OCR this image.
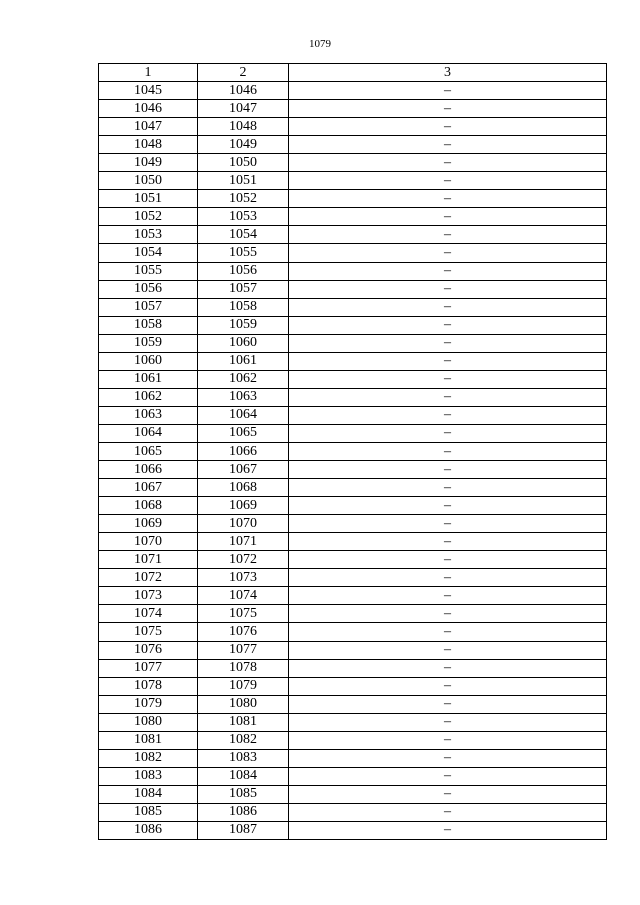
1079
1	2	3
1045	1046	–
1046	1047	–
1047	1048	–
1048	1049	–
1049	1050	–
1050	1051	–
1051	1052	–
1052	1053	–
1053	1054	–
1054	1055	–
1055	1056	–
1056	1057	–
1057	1058	–
1058	1059	–
1059	1060	–
1060	1061	–
1061	1062	–
1062	1063	–
1063	1064	–
1064	1065	–
1065	1066	–
1066	1067	–
1067	1068	–
1068	1069	–
1069	1070	–
1070	1071	–
1071	1072	–
1072	1073	–
1073	1074	–
1074	1075	–
1075	1076	–
1076	1077	–
1077	1078	–
1078	1079	–
1079	1080	–
1080	1081	–
1081	1082	–
1082	1083	–
1083	1084	–
1084	1085	–
1085	1086	–
1086	1087	–
